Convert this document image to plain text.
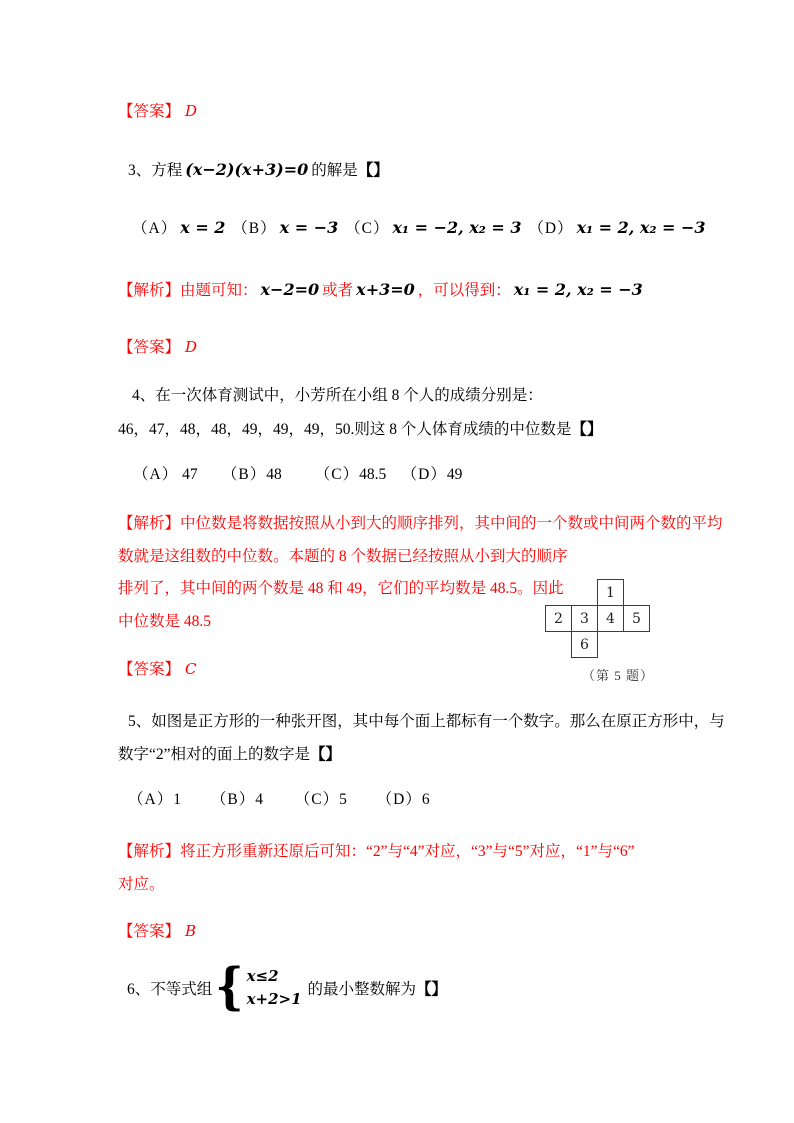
【答案】 D
3、方程 (x−2)(x+3)=0 的解是【】
（A） x = 2 （B） x = −3 （C） x₁ = −2, x₂ = 3 （D） x₁ = 2, x₂ = −3
【解析】由题可知： x−2=0 或者 x+3=0 ，可以得到： x₁ = 2, x₂ = −3
【答案】 D
4、在一次体育测试中，小芳所在小组 8 个人的成绩分别是：
46，47，48，48，49，49，49，50.则这 8 个人体育成绩的中位数是【】
（A） 47 （B）48 （C）48.5 （D）49
【解析】中位数是将数据按照从小到大的顺序排列，其中间的一个数或中间两个数的平均
数就是这组数的中位数。本题的 8 个数据已经按照从小到大的顺序
排列了，其中间的两个数是 48 和 49，它们的平均数是 48.5。因此
中位数是 48.5
【答案】 C
1
2	3	4	5
6
（第 5 题）
5、如图是正方形的一种张开图，其中每个面上都标有一个数字。那么在原正方形中，与
数字“2”相对的面上的数字是【】
（A）1 （B）4 （C）5 （D）6
【解析】将正方形重新还原后可知：“2”与“4”对应，“3”与“5”对应，“1”与“6”
对应。
【答案】 B
6、不等式组 { x≤2
x+2>1
的最小整数解为 【】
